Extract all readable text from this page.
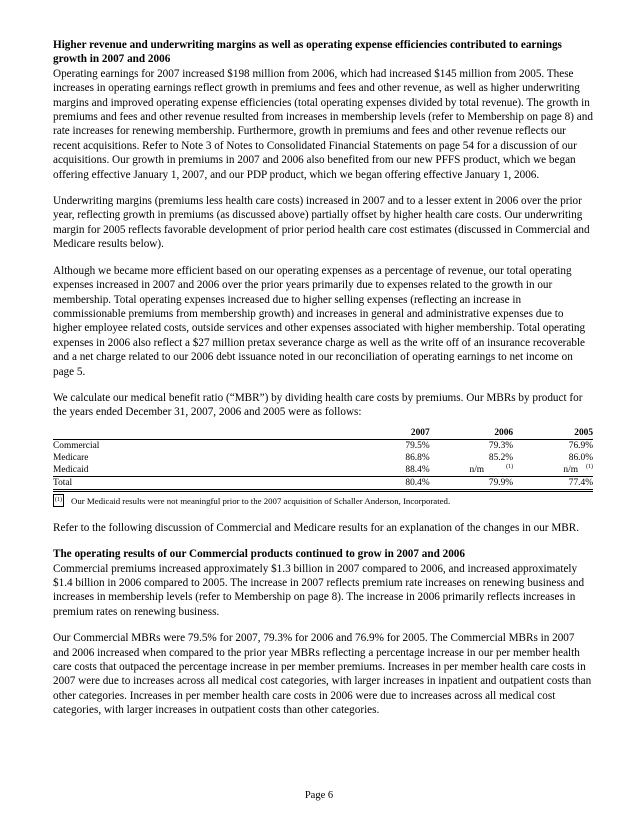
Higher revenue and underwriting margins as well as operating expense efficiencies contributed to earnings growth in 2007 and 2006

Operating earnings for 2007 increased $198 million from 2006, which had increased $145 million from 2005. These increases in operating earnings reflect growth in premiums and fees and other revenue, as well as higher underwriting margins and improved operating expense efficiencies (total operating expenses divided by total revenue). The growth in premiums and fees and other revenue resulted from increases in membership levels (refer to Membership on page 8) and rate increases for renewing membership. Furthermore, growth in premiums and fees and other revenue reflects our recent acquisitions. Refer to Note 3 of Notes to Consolidated Financial Statements on page 54 for a discussion of our acquisitions. Our growth in premiums in 2007 and 2006 also benefited from our new PFFS product, which we began offering effective January 1, 2007, and our PDP product, which we began offering effective January 1, 2006.

Underwriting margins (premiums less health care costs) increased in 2007 and to a lesser extent in 2006 over the prior year, reflecting growth in premiums (as discussed above) partially offset by higher health care costs. Our underwriting margin for 2005 reflects favorable development of prior period health care cost estimates (discussed in Commercial and Medicare results below).

Although we became more efficient based on our operating expenses as a percentage of revenue, our total operating expenses increased in 2007 and 2006 over the prior years primarily due to expenses related to the growth in our membership. Total operating expenses increased due to higher selling expenses (reflecting an increase in commissionable premiums from membership growth) and increases in general and administrative expenses due to higher employee related costs, outside services and other expenses associated with higher membership. Total operating expenses in 2006 also reflect a $27 million pretax severance charge as well as the write off of an insurance recoverable and a net charge related to our 2006 debt issuance noted in our reconciliation of operating earnings to net income on page 5.

We calculate our medical benefit ratio (“MBR”) by dividing health care costs by premiums. Our MBRs by product for the years ended December 31, 2007, 2006 and 2005 were as follows:

	2007	2006	2005
Commercial	79.5%	79.3%	76.9%
Medicare	86.8%	85.2%	86.0%
Medicaid	88.4%	n/m $^{(1)}$	n/m $^{(1)}$
Total	80.4%	79.9%	77.4%
(1) Our Medicaid results were not meaningful prior to the 2007 acquisition of Schaller Anderson, Incorporated.

Refer to the following discussion of Commercial and Medicare results for an explanation of the changes in our MBR.

The operating results of our Commercial products continued to grow in 2007 and 2006

Commercial premiums increased approximately $1.3 billion in 2007 compared to 2006, and increased approximately $1.4 billion in 2006 compared to 2005. The increase in 2007 reflects premium rate increases on renewing business and increases in membership levels (refer to Membership on page 8). The increase in 2006 primarily reflects increases in premium rates on renewing business.

Our Commercial MBRs were 79.5% for 2007, 79.3% for 2006 and 76.9% for 2005. The Commercial MBRs in 2007 and 2006 increased when compared to the prior year MBRs reflecting a percentage increase in our per member health care costs that outpaced the percentage increase in per member premiums. Increases in per member health care costs in 2007 were due to increases across all medical cost categories, with larger increases in inpatient and outpatient costs than other categories. Increases in per member health care costs in 2006 were due to increases across all medical cost categories, with larger increases in outpatient costs than other categories.

Page 6
